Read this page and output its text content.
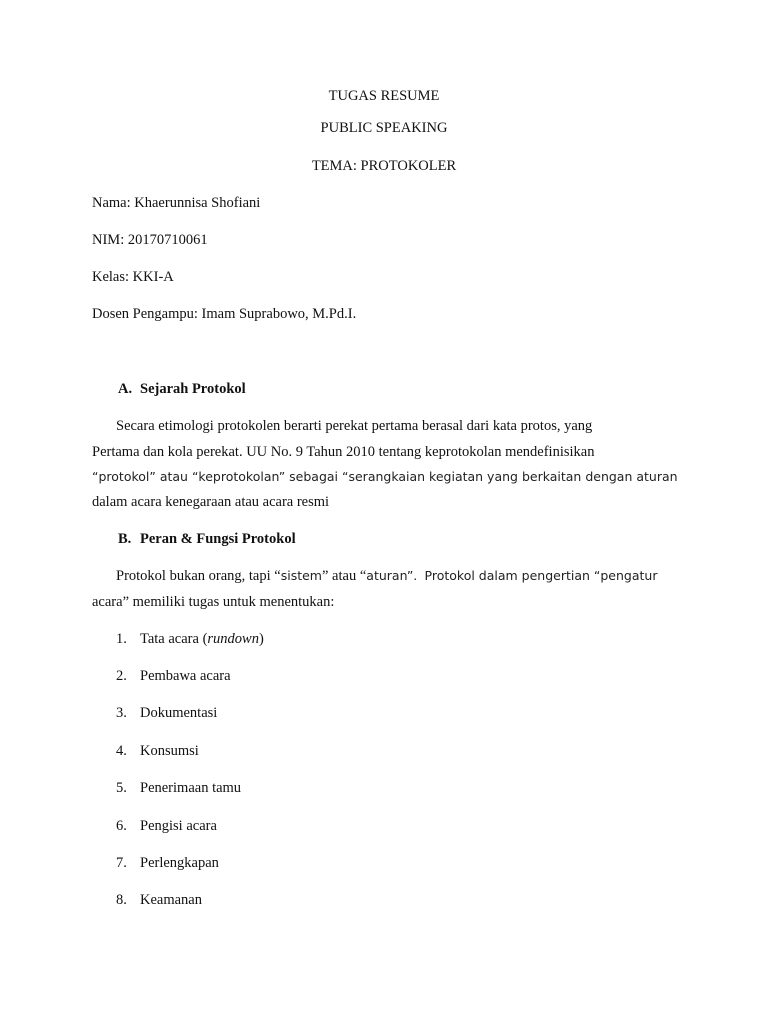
TUGAS RESUME
PUBLIC SPEAKING
TEMA: PROTOKOLER
Nama: Khaerunnisa Shofiani
NIM: 20170710061
Kelas: KKI-A
Dosen Pengampu: Imam Suprabowo, M.Pd.I.
A. Sejarah Protokol
Secara etimologi protokolen berarti perekat pertama berasal dari kata protos, yang
Pertama dan kola perekat. UU No. 9 Tahun 2010 tentang keprotokolan mendefinisikan
“protokol” atau “keprotokolan” sebagai “serangkaian kegiatan yang berkaitan dengan aturan
dalam acara kenegaraan atau acara resmi
B. Peran & Fungsi Protokol
Protokol bukan orang, tapi “sistem” atau “aturan”. Protokol dalam pengertian “pengatur
acara” memiliki tugas untuk menentukan:
1. Tata acara (rundown)
2. Pembawa acara
3. Dokumentasi
4. Konsumsi
5. Penerimaan tamu
6. Pengisi acara
7. Perlengkapan
8. Keamanan
